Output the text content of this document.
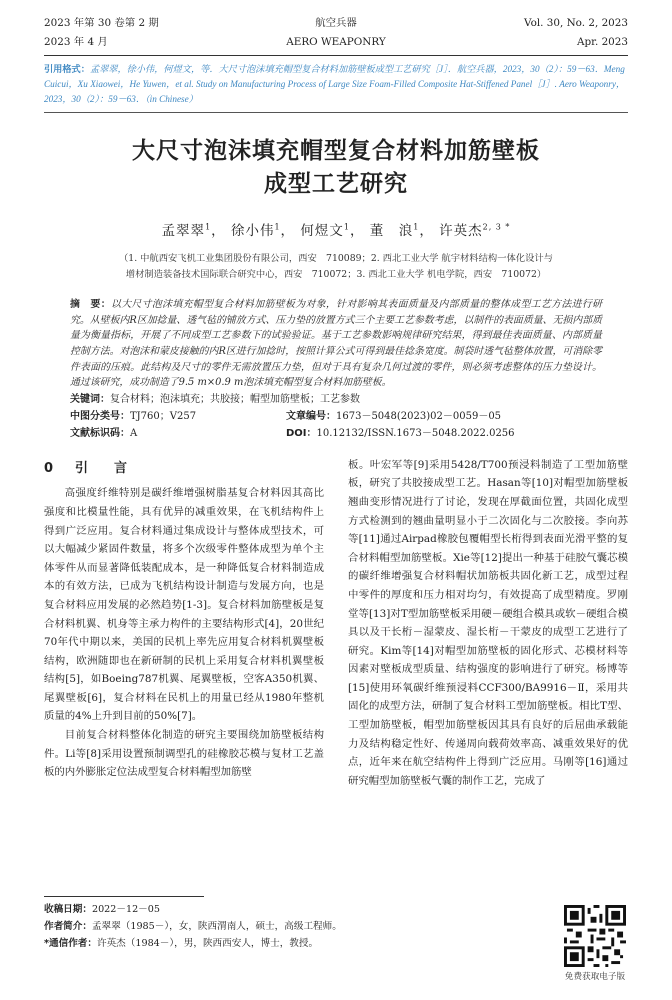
2023 年第 30 卷第 2 期
2023 年 4 月
航空兵器
AERO WEAPONRY
Vol. 30, No. 2, 2023
Apr. 2023
引用格式：孟翠翠，徐小伟，何煜文，等．大尺寸泡沫填充帽型复合材料加筋壁板成型工艺研究［J］．航空兵器，2023，30（2）：59－63．Meng Cuicui，Xu Xiaowei，He Yuwen，et al. Study on Manufacturing Process of Large Size Foam-Filled Composite Hat-Stiffened Panel［J］. Aero Weaponry，2023，30（2）：59－63．（in Chinese）
大尺寸泡沫填充帽型复合材料加筋壁板
成型工艺研究
孟翠翠$^1$， 徐小伟$^1$， 何煜文$^1$， 董　浪$^1$， 许英杰$^{2, 3 *}$
（1. 中航西安飞机工业集团股份有限公司，西安　710089；2. 西北工业大学 航宇材料结构一体化设计与
增材制造装备技术国际联合研究中心，西安　710072；3. 西北工业大学 机电学院，西安　710072）
摘　要：以大尺寸泡沫填充帽型复合材料加筋壁板为对象，针对影响其表面质量及内部质量的整体成型工艺方法进行研究。从壁板内R区加捻量、透气毡的铺放方式、压力垫的放置方式三个主要工艺参数考虑，以制件的表面质量、无损内部质量为衡量指标，开展了不同成型工艺参数下的试验验证。基于工艺参数影响规律研究结果，得到最佳表面质量、内部质量控制方法。对泡沫和蒙皮接触的内R区进行加捻时，按照计算公式可得到最佳捻条宽度。制袋时透气毡整体放置，可消除零件表面的压痕。此结构及尺寸的零件无需放置压力垫，但对于具有复杂几何过渡的零件，则必须考虑整体的压力垫设计。通过该研究，成功制造了9.5 m×0.9 m泡沫填充帽型复合材料加筋壁板。
关键词：复合材料；泡沫填充；共胶接；帽型加筋壁板；工艺参数
中图分类号：TJ760；V257	文章编号：1673－5048(2023)02－0059－05
文献标识码：A	DOI：10.12132/ISSN.1673－5048.2022.0256
0 引言

高强度纤维特别是碳纤维增强树脂基复合材料因其高比强度和比模量性能，具有优异的减重效果，在飞机结构件上得到广泛应用。复合材料通过集成设计与整体成型技术，可以大幅减少紧固件数量，将多个次级零件整体成型为单个主体零件从而显著降低装配成本，是一种降低复合材料制造成本的有效方法，已成为飞机结构设计制造与发展方向，也是复合材料应用发展的必然趋势[1-3]。复合材料加筋壁板是复合材料机翼、机身等主承力构件的主要结构形式[4]，20世纪70年代中期以来，美国的民机上率先应用复合材料机翼壁板结构，欧洲随即也在新研制的民机上采用复合材料机翼壁板结构[5]，如Boeing787机翼、尾翼壁板，空客A350机翼、尾翼壁板[6]，复合材料在民机上的用量已经从1980年整机质量的4%上升到目前的50%[7]。

目前复合材料整体化制造的研究主要围绕加筋壁板结构件。Li等[8]采用设置预制调型孔的硅橡胶芯模与复材工艺盖板的内外膨胀定位法成型复合材料帽型加筋壁

板。叶宏军等[9]采用5428/T700预浸料制造了工型加筋壁板，研究了共胶接成型工艺。Hasan等[10]对帽型加筋壁板翘曲变形情况进行了讨论，发现在厚截面位置，共固化成型方式检测到的翘曲量明显小于二次固化与二次胶接。李向苏等[11]通过Airpad橡胶包覆帽型长桁得到表面光滑平整的复合材料帽型加筋壁板。Xie等[12]提出一种基于硅胶气囊芯模的碳纤维增强复合材料帽状加筋板共固化新工艺，成型过程中零件的厚度和压力相对均匀，有效提高了成型精度。罗刚堂等[13]对T型加筋壁板采用硬－硬组合模具或软－硬组合模具以及干长桁－湿蒙皮、湿长桁－干蒙皮的成型工艺进行了研究。Kim等[14]对帽型加筋壁板的固化形式、芯模材料等因素对壁板成型质量、结构强度的影响进行了研究。杨博等[15]使用环氧碳纤维预浸料CCF300/BA9916－Ⅱ，采用共固化的成型方法，研制了复合材料工型加筋壁板。相比T型、工型加筋壁板，帽型加筋壁板因其具有良好的后屈曲承载能力及结构稳定性好、传递周向载荷效率高、减重效果好的优点，近年来在航空结构件上得到广泛应用。马刚等[16]通过研究帽型加筋壁板气囊的制作工艺，完成了

收稿日期：2022－12－05
作者简介：孟翠翠（1985－），女，陕西渭南人，硕士，高级工程师。
*通信作者：许英杰（1984－），男，陕西西安人，博士，教授。
免费获取电子版
